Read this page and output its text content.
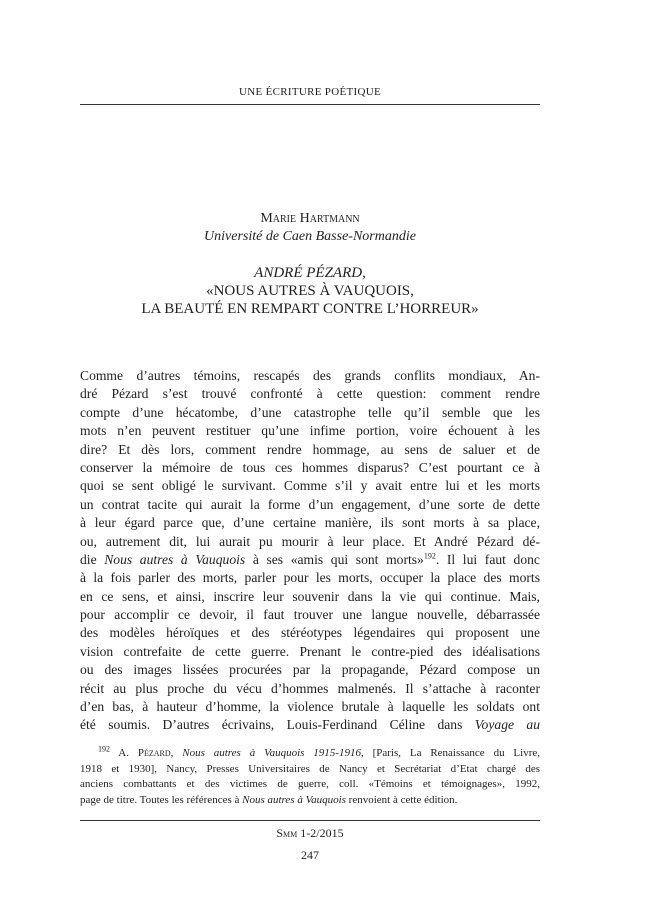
UNE ÉCRITURE POÉTIQUE
Marie Hartmann
Université de Caen Basse-Normandie
ANDRÉ PÉZARD,
«NOUS AUTRES À VAUQUOIS,
LA BEAUTÉ EN REMPART CONTRE L’HORREUR»
Comme d’autres témoins, rescapés des grands conflits mondiaux, An-
dré Pézard s’est trouvé confronté à cette question: comment rendre
compte d’une hécatombe, d’une catastrophe telle qu’il semble que les
mots n’en peuvent restituer qu’une infime portion, voire échouent à les
dire? Et dès lors, comment rendre hommage, au sens de saluer et de
conserver la mémoire de tous ces hommes disparus? C’est pourtant ce à
quoi se sent obligé le survivant. Comme s’il y avait entre lui et les morts
un contrat tacite qui aurait la forme d’un engagement, d’une sorte de dette
à leur égard parce que, d’une certaine manière, ils sont morts à sa place,
ou, autrement dit, lui aurait pu mourir à leur place. Et André Pézard dé-
die Nous autres à Vauquois à ses «amis qui sont morts»$^{192}$. Il lui faut donc
à la fois parler des morts, parler pour les morts, occuper la place des morts
en ce sens, et ainsi, inscrire leur souvenir dans la vie qui continue. Mais,
pour accomplir ce devoir, il faut trouver une langue nouvelle, débarrassée
des modèles héroïques et des stéréotypes légendaires qui proposent une
vision contrefaite de cette guerre. Prenant le contre-pied des idéalisations
ou des images lissées procurées par la propagande, Pézard compose un
récit au plus proche du vécu d’hommes malmenés. Il s’attache à raconter
d’en bas, à hauteur d’homme, la violence brutale à laquelle les soldats ont
été soumis. D’autres écrivains, Louis-Ferdinand Céline dans Voyage au
$^{192}$ A. Pézard, Nous autres à Vauquois 1915-1916, [Paris, La Renaissance du Livre,
1918 et 1930], Nancy, Presses Universitaires de Nancy et Secrétariat d’Etat chargé des
anciens combattants et des victimes de guerre, coll. «Témoins et témoignages», 1992,
page de titre. Toutes les références à Nous autres à Vauquois renvoient à cette édition.
Smm 1-2/2015
247
